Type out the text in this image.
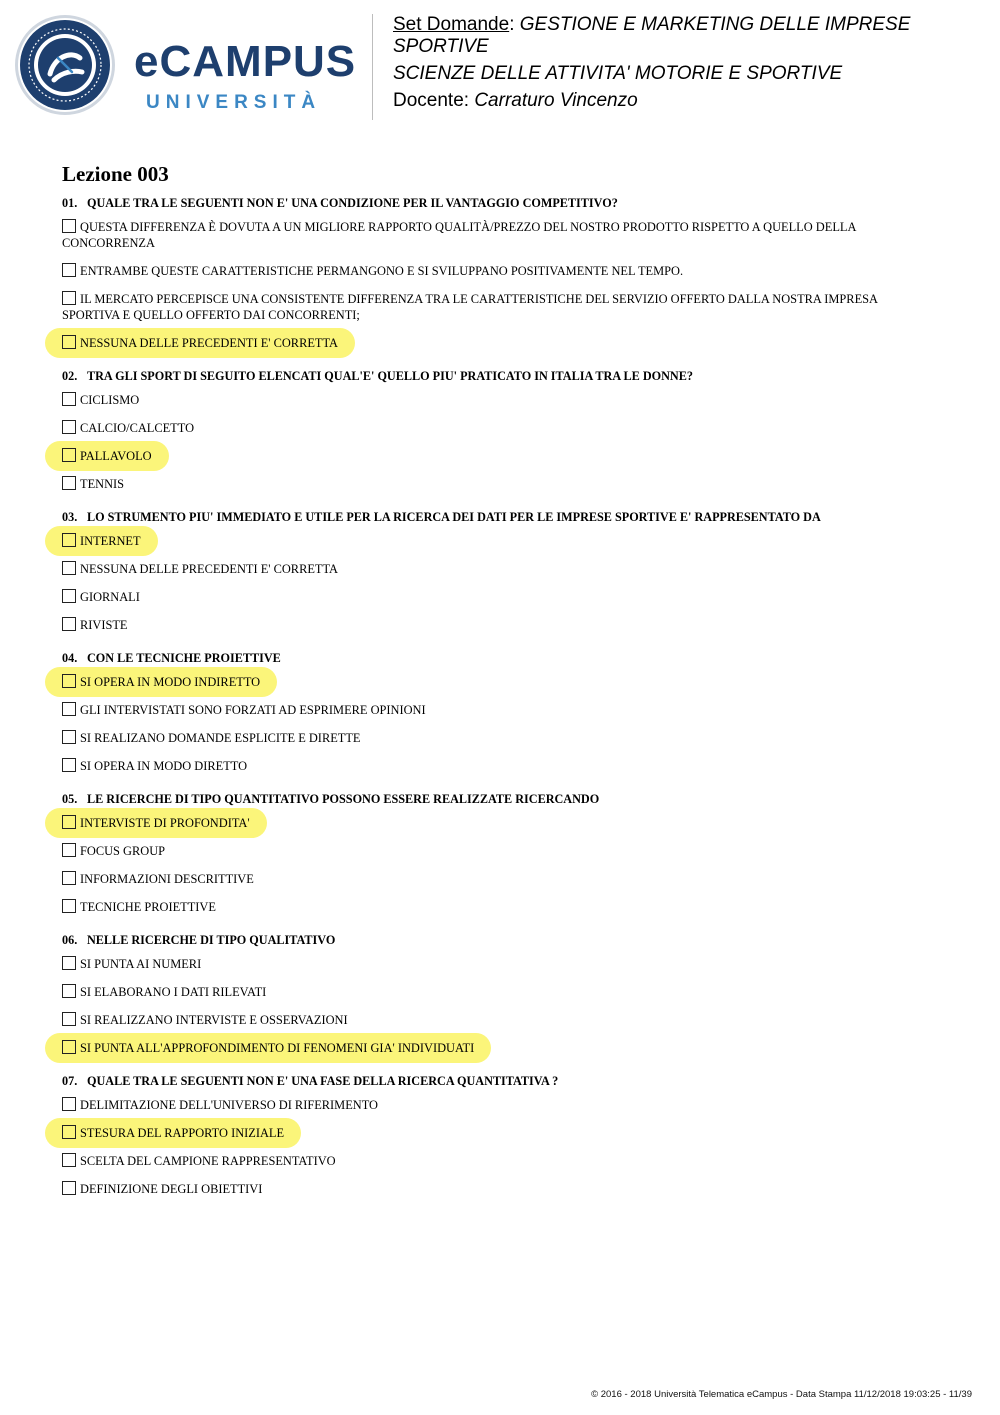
eCAMPUS
UNIVERSITÀ
Set Domande: GESTIONE E MARKETING DELLE IMPRESE
SPORTIVE
SCIENZE DELLE ATTIVITA' MOTORIE E SPORTIVE
Docente: Carraturo Vincenzo
Lezione 003
01. QUALE TRA LE SEGUENTI NON E' UNA CONDIZIONE PER IL VANTAGGIO COMPETITIVO?
QUESTA DIFFERENZA È DOVUTA A UN MIGLIORE RAPPORTO QUALITÀ/PREZZO DEL NOSTRO PRODOTTO RISPETTO A QUELLO DELLA CONCORRENZA
ENTRAMBE QUESTE CARATTERISTICHE PERMANGONO E SI SVILUPPANO POSITIVAMENTE NEL TEMPO.
IL MERCATO PERCEPISCE UNA CONSISTENTE DIFFERENZA TRA LE CARATTERISTICHE DEL SERVIZIO OFFERTO DALLA NOSTRA IMPRESA SPORTIVA E QUELLO OFFERTO DAI CONCORRENTI;
NESSUNA DELLE PRECEDENTI E' CORRETTA
02. TRA GLI SPORT DI SEGUITO ELENCATI QUAL'E' QUELLO PIU' PRATICATO IN ITALIA TRA LE DONNE?
CICLISMO
CALCIO/CALCETTO
PALLAVOLO
TENNIS
03. LO STRUMENTO PIU' IMMEDIATO E UTILE PER LA RICERCA DEI DATI PER LE IMPRESE SPORTIVE E' RAPPRESENTATO DA
INTERNET
NESSUNA DELLE PRECEDENTI E' CORRETTA
GIORNALI
RIVISTE
04. CON LE TECNICHE PROIETTIVE
SI OPERA IN MODO INDIRETTO
GLI INTERVISTATI SONO FORZATI AD ESPRIMERE OPINIONI
SI REALIZANO DOMANDE ESPLICITE E DIRETTE
SI OPERA IN MODO DIRETTO
05. LE RICERCHE DI TIPO QUANTITATIVO POSSONO ESSERE REALIZZATE RICERCANDO
INTERVISTE DI PROFONDITA'
FOCUS GROUP
INFORMAZIONI DESCRITTIVE
TECNICHE PROIETTIVE
06. NELLE RICERCHE DI TIPO QUALITATIVO
SI PUNTA AI NUMERI
SI ELABORANO I DATI RILEVATI
SI REALIZZANO INTERVISTE E OSSERVAZIONI
SI PUNTA ALL'APPROFONDIMENTO DI FENOMENI GIA' INDIVIDUATI
07. QUALE TRA LE SEGUENTI NON E' UNA FASE DELLA RICERCA QUANTITATIVA ?
DELIMITAZIONE DELL'UNIVERSO DI RIFERIMENTO
STESURA DEL RAPPORTO INIZIALE
SCELTA DEL CAMPIONE RAPPRESENTATIVO
DEFINIZIONE DEGLI OBIETTIVI
© 2016 - 2018 Università Telematica eCampus - Data Stampa 11/12/2018 19:03:25 - 11/39
